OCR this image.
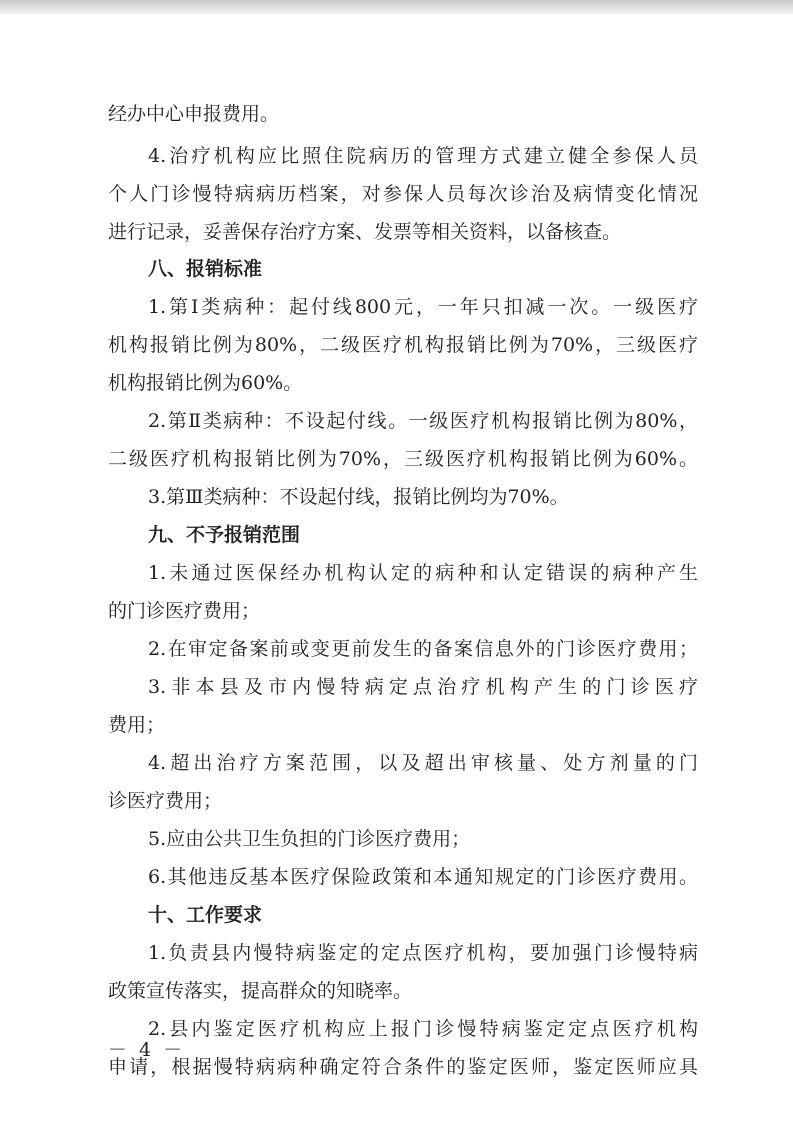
经办中心申报费用。
4.治疗机构应比照住院病历的管理方式建立健全参保人员
个人门诊慢特病病历档案，对参保人员每次诊治及病情变化情况
进行记录，妥善保存治疗方案、发票等相关资料，以备核查。
八、报销标准
1.第Ⅰ类病种：起付线800元，一年只扣减一次。一级医疗
机构报销比例为80%，二级医疗机构报销比例为70%，三级医疗
机构报销比例为60%。
2.第Ⅱ类病种：不设起付线。一级医疗机构报销比例为80%，
二级医疗机构报销比例为70%，三级医疗机构报销比例为60%。
3.第Ⅲ类病种：不设起付线，报销比例均为70%。
九、不予报销范围
1.未通过医保经办机构认定的病种和认定错误的病种产生
的门诊医疗费用；
2.在审定备案前或变更前发生的备案信息外的门诊医疗费用；
3.非本县及市内慢特病定点治疗机构产生的门诊医疗
费用；
4.超出治疗方案范围，以及超出审核量、处方剂量的门
诊医疗费用；
5.应由公共卫生负担的门诊医疗费用；
6.其他违反基本医疗保险政策和本通知规定的门诊医疗费用。
十、工作要求
1.负责县内慢特病鉴定的定点医疗机构，要加强门诊慢特病
政策宣传落实，提高群众的知晓率。
2.县内鉴定医疗机构应上报门诊慢特病鉴定定点医疗机构
申请，根据慢特病病种确定符合条件的鉴定医师，鉴定医师应具
－ 4 －
